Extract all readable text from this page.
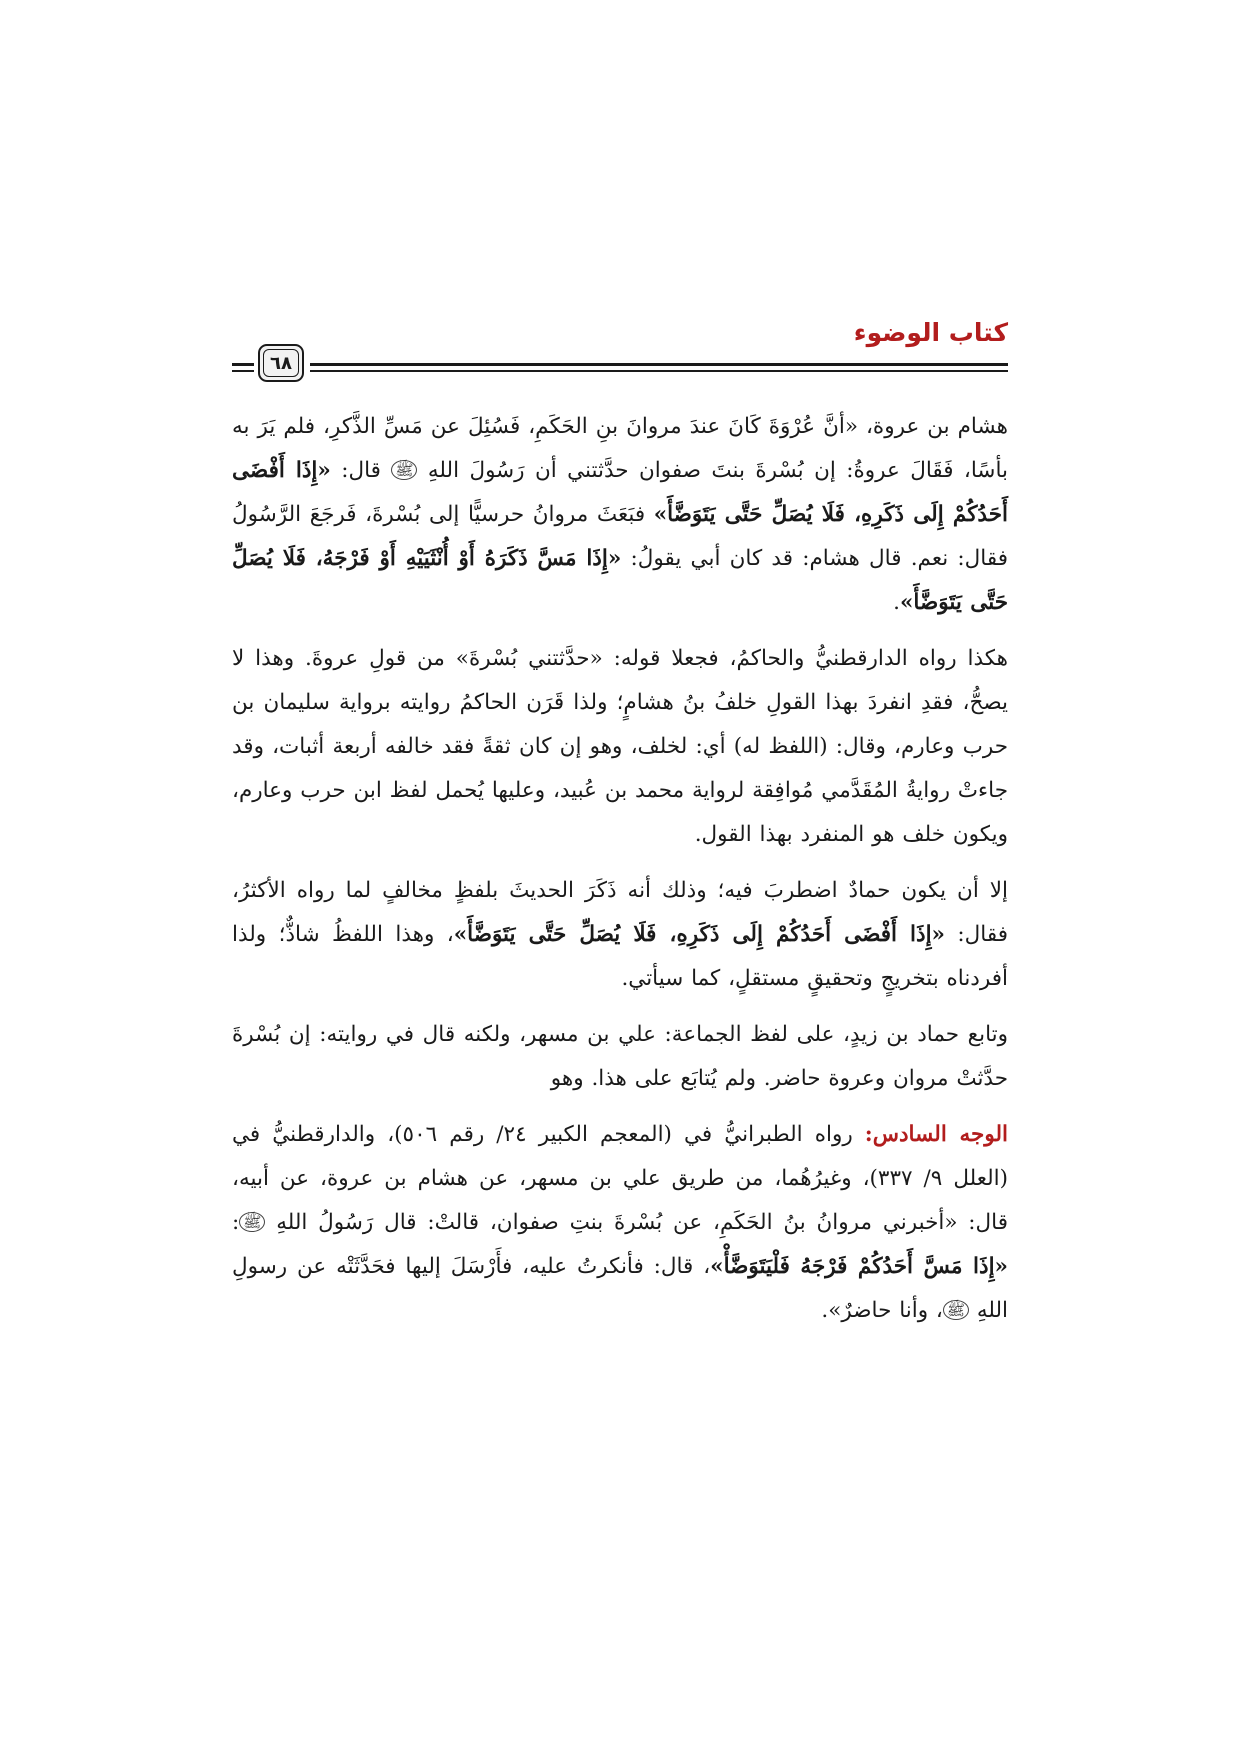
كتاب الوضوء
٦٨

هشام بن عروة، «أنَّ عُرْوَةَ كَانَ عندَ مروانَ بنِ الحَكَمِ، فَسُئِلَ عن مَسِّ الذَّكرِ، فلم يَرَ به بأسًا، فَقَالَ عروةُ: إن بُسْرةَ بنتَ صفوان حدَّثتني أن رَسُولَ اللهِ ﷺ قال: «إِذَا أَفْضَى أَحَدُكُمْ إِلَى ذَكَرِهِ، فَلَا يُصَلِّ حَتَّى يَتَوَضَّأَ» فبَعَثَ مروانُ حرسيًّا إلى بُسْرةَ، فَرجَعَ الرَّسُولُ فقال: نعم. قال هشام: قد كان أبي يقولُ: «إِذَا مَسَّ ذَكَرَهُ أَوْ أُنْثَيَيْهِ أَوْ فَرْجَهُ، فَلَا يُصَلِّ حَتَّى يَتَوَضَّأَ».

هكذا رواه الدارقطنيُّ والحاكمُ، فجعلا قوله: «حدَّثتني بُسْرةَ» من قولِ عروةَ. وهذا لا يصحُّ، فقدِ انفردَ بهذا القولِ خلفُ بنُ هشامٍ؛ ولذا قَرَن الحاكمُ روايته برواية سليمان بن حرب وعارم، وقال: (اللفظ له) أي: لخلف، وهو إن كان ثقةً فقد خالفه أربعة أثبات، وقد جاءتْ روايةُ المُقَدَّمي مُوافِقة لرواية محمد بن عُبيد، وعليها يُحمل لفظ ابن حرب وعارم، ويكون خلف هو المنفرد بهذا القول.

إلا أن يكون حمادٌ اضطربَ فيه؛ وذلك أنه ذَكَرَ الحديثَ بلفظٍ مخالفٍ لما رواه الأكثرُ، فقال: «إِذَا أَفْضَى أَحَدُكُمْ إِلَى ذَكَرِهِ، فَلَا يُصَلِّ حَتَّى يَتَوَضَّأَ»، وهذا اللفظُ شاذٌّ؛ ولذا أفردناه بتخريجٍ وتحقيقٍ مستقلٍ، كما سيأتي.

وتابع حماد بن زيدٍ، على لفظ الجماعة: علي بن مسهر، ولكنه قال في روايته: إن بُسْرةَ حدَّثتْ مروان وعروة حاضر. ولم يُتابَع على هذا. وهو

الوجه السادس: رواه الطبرانيُّ في (المعجم الكبير ٢٤/ رقم ٥٠٦)، والدارقطنيُّ في (العلل ٩/ ٣٣٧)، وغيرُهُما، من طريق علي بن مسهر، عن هشام بن عروة، عن أبيه، قال: «أخبرني مروانُ بنُ الحَكَمِ، عن بُسْرةَ بنتِ صفوان، قالتْ: قال رَسُولُ اللهِ ﷺ: «إِذَا مَسَّ أَحَدُكُمْ فَرْجَهُ فَلْيَتَوَضَّأْ»، قال: فأنكرتُ عليه، فأَرْسَلَ إليها فحَدَّثَتْه عن رسولِ اللهِ ﷺ، وأنا حاضرٌ».
